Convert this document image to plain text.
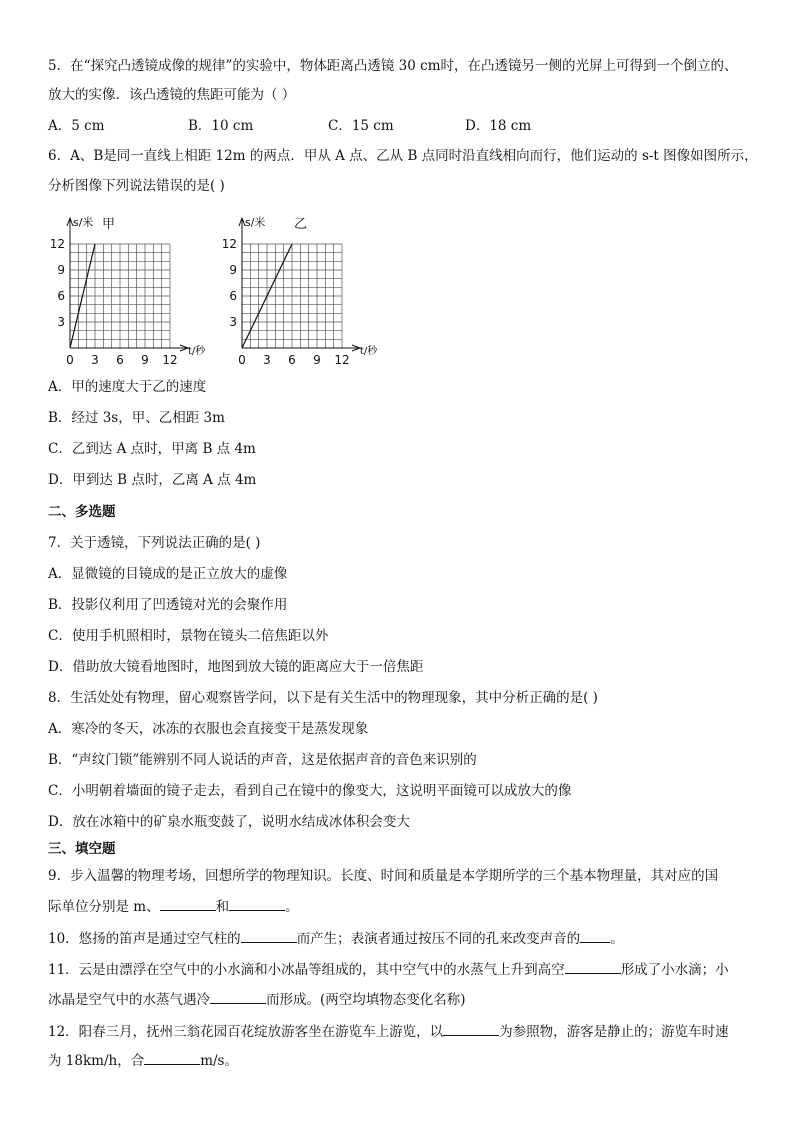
5．在“探究凸透镜成像的规律”的实验中，物体距离凸透镜 30 cm时，在凸透镜另一侧的光屏上可得到一个倒立的、
放大的实像．该凸透镜的焦距可能为（ ）
A．5 cm	B．10 cm	C．15 cm	D．18 cm
6．A、B是同一直线上相距 12m 的两点．甲从 A 点、乙从 B 点同时沿直线相向而行，他们运动的 s-t 图像如图所示，
分析图像下列说法错误的是( )
0 3 6 9 12
3
6
9
12
s/米 甲
t/秒
0 3 6 9 12
3
6
9
12
s/米 乙
t/秒
A．甲的速度大于乙的速度
B．经过 3s，甲、乙相距 3m
C．乙到达 A 点时，甲离 B 点 4m
D．甲到达 B 点时，乙离 A 点 4m
二、多选题
7．关于透镜，下列说法正确的是( )
A．显微镜的目镜成的是正立放大的虚像
B．投影仪利用了凹透镜对光的会聚作用
C．使用手机照相时，景物在镜头二倍焦距以外
D．借助放大镜看地图时，地图到放大镜的距离应大于一倍焦距
8．生活处处有物理，留心观察皆学问，以下是有关生活中的物理现象，其中分析正确的是( )
A．寒冷的冬天，冰冻的衣服也会直接变干是蒸发现象
B．“声纹门锁”能辨别不同人说话的声音，这是依据声音的音色来识别的
C．小明朝着墙面的镜子走去，看到自己在镜中的像变大，这说明平面镜可以成放大的像
D．放在冰箱中的矿泉水瓶变鼓了，说明水结成冰体积会变大
三、填空题
9．步入温馨的物理考场，回想所学的物理知识。长度、时间和质量是本学期所学的三个基本物理量，其对应的国
际单位分别是 m、	和	。
10．悠扬的笛声是通过空气柱的	而产生；表演者通过按压不同的孔来改变声音的 。
11．云是由漂浮在空气中的小水滴和小冰晶等组成的，其中空气中的水蒸气上升到高空	形成了小水滴；小
冰晶是空气中的水蒸气遇冷	而形成。(两空均填物态变化名称)
12．阳春三月，抚州三翁花园百花绽放游客坐在游览车上游览，以	为参照物，游客是静止的；游览车时速
为 18km/h，合	m/s。
